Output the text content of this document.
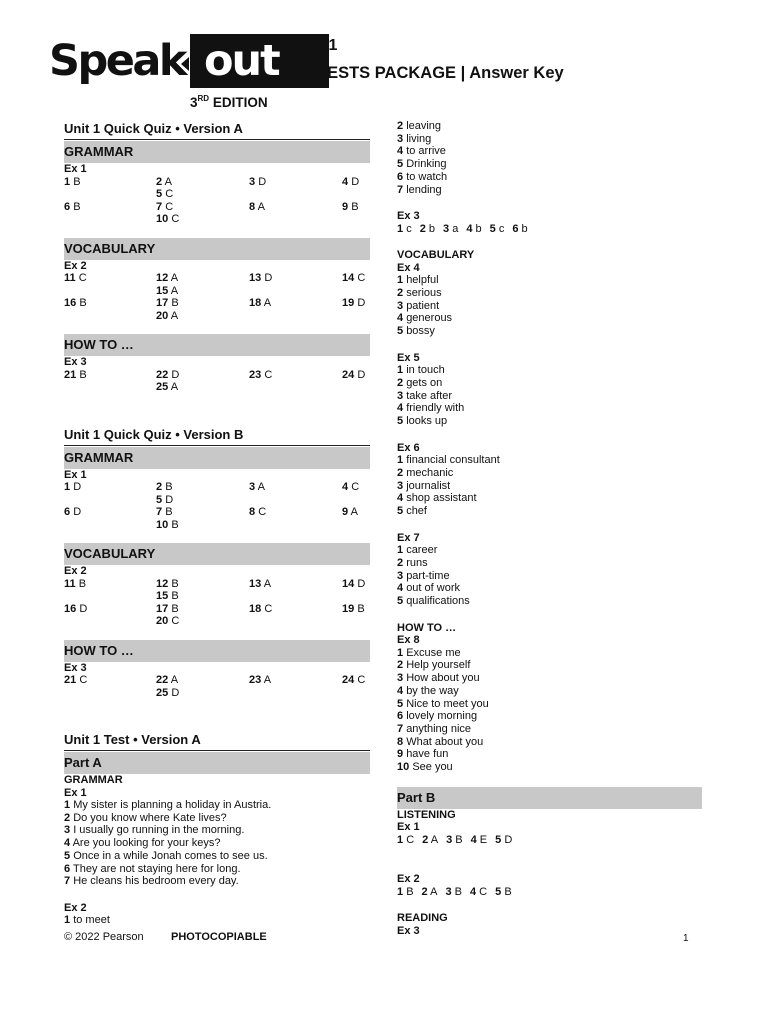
Speak out
3RD EDITION
B1
TESTS PACKAGE | Answer Key
Unit 1 Quick Quiz • Version A
GRAMMAR
Ex 1
1 B	2 A	3 D	4 D
5 C
6 B	7 C	8 A	9 B
10 C
VOCABULARY
Ex 2
11 C	12 A	13 D	14 C
15 A
16 B	17 B	18 A	19 D
20 A
HOW TO …
Ex 3
21 B	22 D	23 C	24 D
25 A
Unit 1 Quick Quiz • Version B
GRAMMAR
Ex 1
1 D	2 B	3 A	4 C
5 D
6 D	7 B	8 C	9 A
10 B
VOCABULARY
Ex 2
11 B	12 B	13 A	14 D
15 B
16 D	17 B	18 C	19 B
20 C
HOW TO …
Ex 3
21 C	22 A	23 A	24 C
25 D
Unit 1 Test • Version A
Part A
GRAMMAR
Ex 1
1 My sister is planning a holiday in Austria.
2 Do you know where Kate lives?
3 I usually go running in the morning.
4 Are you looking for your keys?
5 Once in a while Jonah comes to see us.
6 They are not staying here for long.
7 He cleans his bedroom every day.
Ex 2
1 to meet
2 leaving
3 living
4 to arrive
5 Drinking
6 to watch
7 lending
Ex 3
1 c 2 b 3 a 4 b 5 c 6 b
VOCABULARY
Ex 4
1 helpful
2 serious
3 patient
4 generous
5 bossy
Ex 5
1 in touch
2 gets on
3 take after
4 friendly with
5 looks up
Ex 6
1 financial consultant
2 mechanic
3 journalist
4 shop assistant
5 chef
Ex 7
1 career
2 runs
3 part-time
4 out of work
5 qualifications
HOW TO …
Ex 8
1 Excuse me
2 Help yourself
3 How about you
4 by the way
5 Nice to meet you
6 lovely morning
7 anything nice
8 What about you
9 have fun
10 See you
Part B
LISTENING
Ex 1
1 C 2 A 3 B 4 E 5 D
Ex 2
1 B 2 A 3 B 4 C 5 B
READING
Ex 3
© 2022 Pearson PHOTOCOPIABLE	1
